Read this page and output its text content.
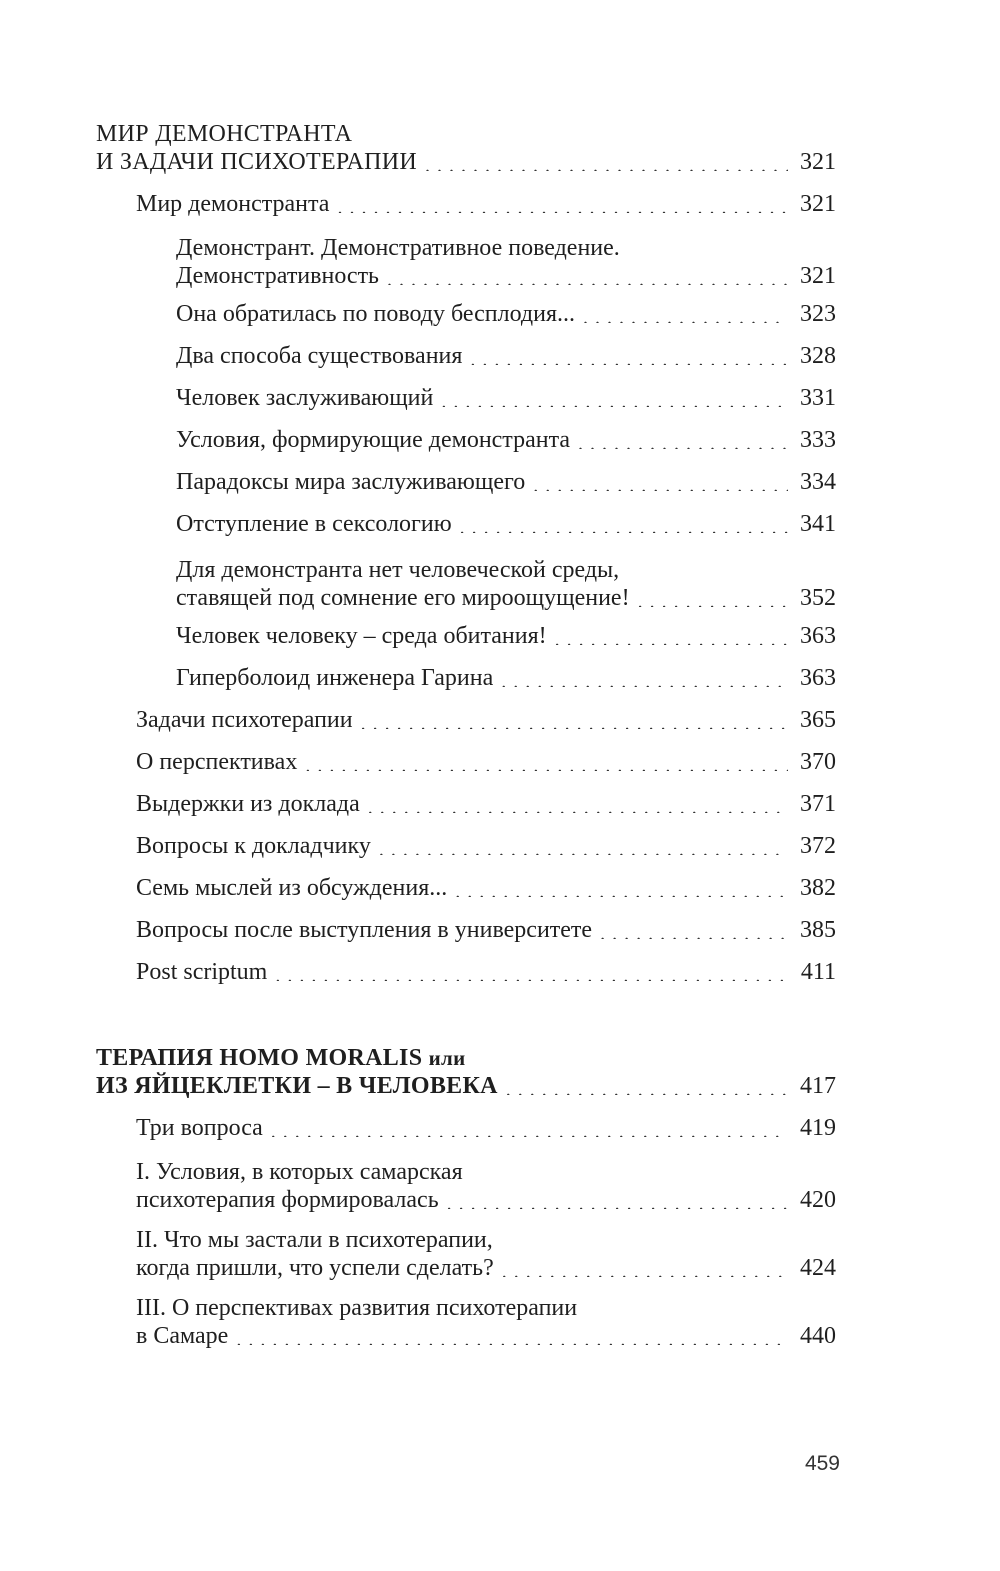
МИР ДЕМОНСТРАНТА
И ЗАДАЧИ ПСИХОТЕРАПИИ . . .	321
Мир демонстранта . . .	321
Демонстрант. Демонстративное поведение.
Демонстративность . . .	321
Она обратилась по поводу бесплодия... . . .	323
Два способа существования . . .	328
Человек заслуживающий . . .	331
Условия, формирующие демонстранта . . .	333
Парадоксы мира заслуживающего . . .	334
Отступление в сексологию . . .	341
Для демонстранта нет человеческой среды,
ставящей под сомнение его мироощущение! . . .	352
Человек человеку – среда обитания! . . .	363
Гиперболоид инженера Гарина . . .	363
Задачи психотерапии . . .	365
О перспективах . . .	370
Выдержки из доклада . . .	371
Вопросы к докладчику . . .	372
Семь мыслей из обсуждения... . . .	382
Вопросы после выступления в университете . . .	385
Post scriptum . . .	411
ТЕРАПИЯ HOMO MORALIS или
ИЗ ЯЙЦЕКЛЕТКИ – В ЧЕЛОВЕКА . . .	417
Три вопроса . . .	419
I. Условия, в которых самарская
психотерапия формировалась . . .	420
II. Что мы застали в психотерапии,
когда пришли, что успели сделать? . . .	424
III. О перспективах развития психотерапии
в Самаре . . .	440
459
